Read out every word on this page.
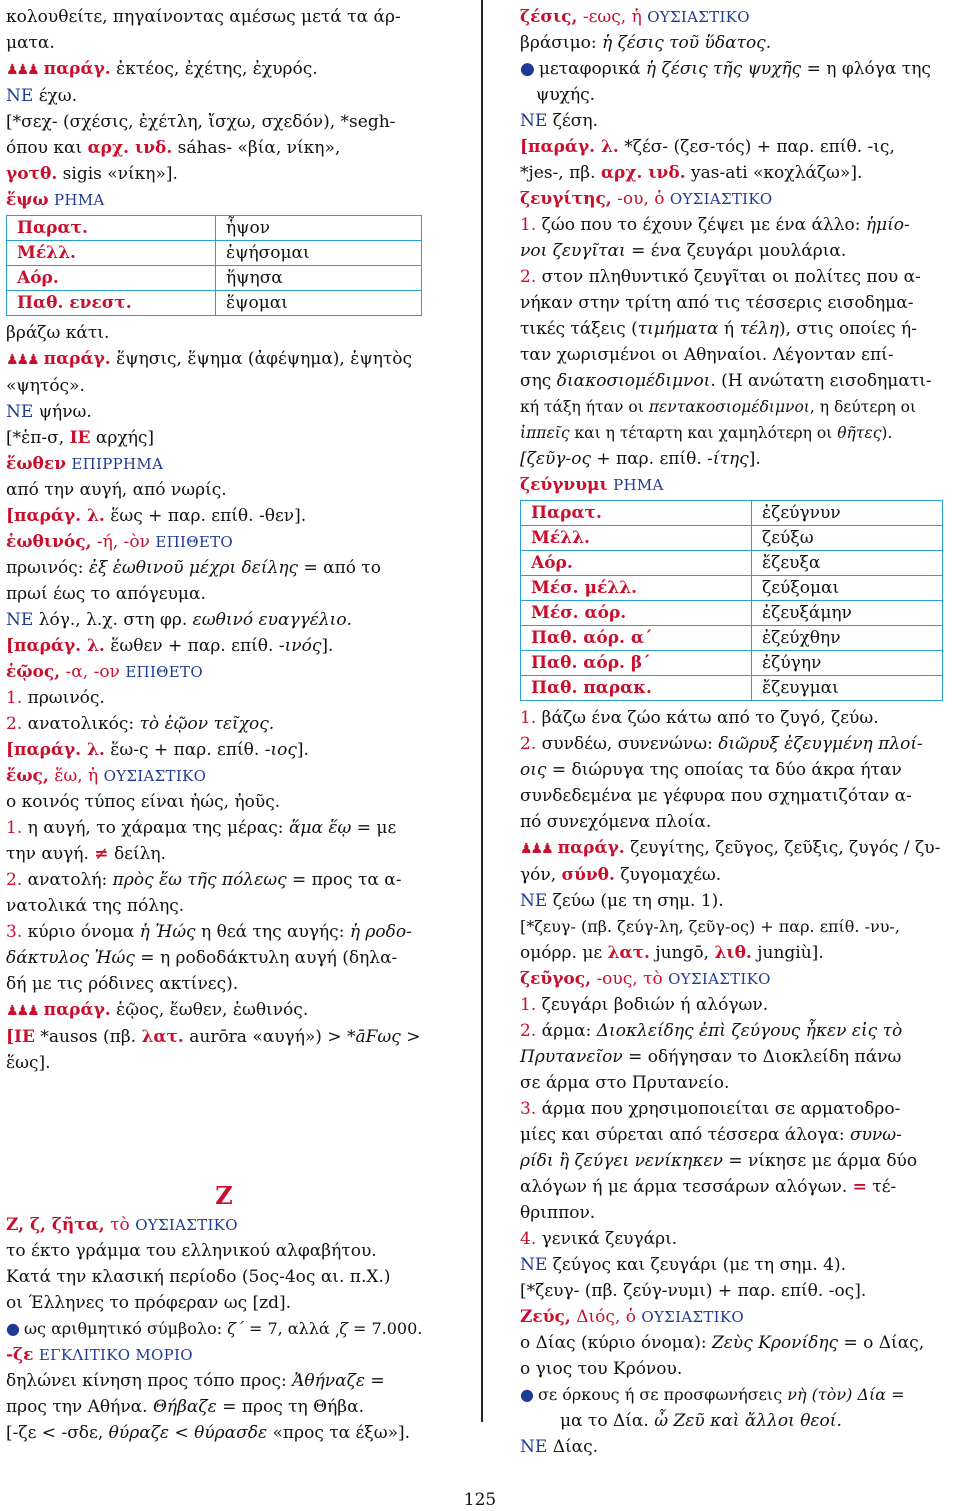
κολουθείτε, πηγαίνοντας αμέσως μετά τα άρ-

ματα.

♟♟♟ παράγ. ἐκτέος, ἐχέτης, ἐχυρός.

ΝΕ έχω.

[*σεχ- (σχέσις, ἐχέτλη, ἴσχω, σχεδόν), *segh-

όπου και αρχ. ινδ. sáhas- «βία, νίκη»,

γοτθ. sigis «νίκη»].

ἕψω ΡΗΜΑ

Παρατ.	ἧψον
Μέλλ.	ἑψήσομαι
Αόρ.	ἥψησα
Παθ. ενεστ.	ἕψομαι

βράζω κάτι.

♟♟♟ παράγ. ἕψησις, ἕψημα (ἀφέψημα), ἑψητὸς

«ψητός».

ΝΕ ψήνω.

[*ἑπ-σ, ΙΕ αρχής]

ἕωθεν ΕΠΙΡΡΗΜΑ

από την αυγή, από νωρίς.

[παράγ. λ. ἕως + παρ. επίθ. -θεν].

ἑωθινός, -ή, -ὸν ΕΠΙΘΕΤΟ

πρωινός: ἐξ ἑωθινοῦ μέχρι δείλης = από το

πρωί έως το απόγευμα.

ΝΕ λόγ., λ.χ. στη φρ. εωθινό ευαγγέλιο.

[παράγ. λ. ἕωθεν + παρ. επίθ. -ινός].

ἑῷος, -α, -ον ΕΠΙΘΕΤΟ

1. πρωινός.

2. ανατολικός: τὸ ἑῷον τεῖχος.

[παράγ. λ. ἕω-ς + παρ. επίθ. -ιος].

ἕως, ἕω, ἡ ΟΥΣΙΑΣΤΙΚΟ

ο κοινός τύπος είναι ἠώς, ἠοῦς.

1. η αυγή, το χάραμα της μέρας: ἅμα ἕῳ = με

την αυγή. ≠ δείλη.

2. ανατολή: πρὸς ἕω τῆς πόλεως = προς τα α-

νατολικά της πόλης.

3. κύριο όνομα ἡ Ἠώς η θεά της αυγής: ἡ ροδο-

δάκτυλος Ἠώς = η ροδοδάκτυλη αυγή (δηλα-

δή με τις ρόδινες ακτίνες).

♟♟♟ παράγ. ἑῷος, ἕωθεν, ἑωθινός.

[ΙΕ *ausos (πβ. λατ. aurōra «αυγή») > *āϜως >

ἕως].

Z

Z, ζ, ζῆτα, τὸ ΟΥΣΙΑΣΤΙΚΟ

το έκτο γράμμα του ελληνικού αλφαβήτου.

Κατά την κλασική περίοδο (5ος-4ος αι. π.Χ.)

οι Έλληνες το πρόφεραν ως [zd].

● ως αριθμητικό σύμβολο: ζ´ = 7, αλλά ͵ζ = 7.000.

-ζε ΕΓΚΛΙΤΙΚΟ ΜΟΡΙΟ

δηλώνει κίνηση προς τόπο προς: Ἀθήναζε =

προς την Αθήνα. Θήβαζε = προς τη Θήβα.

[-ζε < -σδε, θύραζε < θύρασδε «προς τα έξω»].

ζέσις, -εως, ἡ ΟΥΣΙΑΣΤΙΚΟ

βράσιμο: ἡ ζέσις τοῦ ὕδατος.

● μεταφορικά ἡ ζέσις τῆς ψυχῆς = η φλόγα της

ψυχής.

ΝΕ ζέση.

[παράγ. λ. *ζέσ- (ζεσ-τός) + παρ. επίθ. -ις,

*jes-, πβ. αρχ. ινδ. yas-ati «κοχλάζω»].

ζευγίτης, -ου, ὁ ΟΥΣΙΑΣΤΙΚΟ

1. ζώο που το έχουν ζέψει με ένα άλλο: ἡμίο-

νοι ζευγῖται = ένα ζευγάρι μουλάρια.

2. στον πληθυντικό ζευγῖται οι πολίτες που α-

νήκαν στην τρίτη από τις τέσσερις εισοδημα-

τικές τάξεις (τιμήματα ή τέλη), στις οποίες ή-

ταν χωρισμένοι οι Αθηναίοι. Λέγονταν επί-

σης διακοσιομέδιμνοι. (Η ανώτατη εισοδηματι-

κή τάξη ήταν οι πεντακοσιομέδιμνοι, η δεύτερη οι

ἱππεῖς και η τέταρτη και χαμηλότερη οι θῆτες).

[ζεῦγ-ος + παρ. επίθ. -ίτης].

ζεύγνυμι ΡΗΜΑ

Παρατ.	ἐζεύγνυν
Μέλλ.	ζεύξω
Αόρ.	ἔζευξα
Μέσ. μέλλ.	ζεύξομαι
Μέσ. αόρ.	ἐζευξάμην
Παθ. αόρ. α´	ἐζεύχθην
Παθ. αόρ. β´	ἐζύγην
Παθ. παρακ.	ἔζευγμαι

1. βάζω ένα ζώο κάτω από το ζυγό, ζεύω.

2. συνδέω, συνενώνω: διῶρυξ ἐζευγμένη πλοί-

οις = διώρυγα της οποίας τα δύο άκρα ήταν

συνδεδεμένα με γέφυρα που σχηματιζόταν α-

πό συνεχόμενα πλοία.

♟♟♟ παράγ. ζευγίτης, ζεῦγος, ζεῦξις, ζυγός / ζυ-

γόν, σύνθ. ζυγομαχέω.

ΝΕ ζεύω (με τη σημ. 1).

[*ζευγ- (πβ. ζεύγ-λη, ζεῦγ-ος) + παρ. επίθ. -νυ-,

ομόρρ. με λατ. jungō, λιθ. jungiù].

ζεῦγος, -ους, τὸ ΟΥΣΙΑΣΤΙΚΟ

1. ζευγάρι βοδιών ή αλόγων.

2. άρμα: Διοκλείδης ἐπὶ ζεύγους ἧκεν εἰς τὸ

Πρυτανεῖον = οδήγησαν το Διοκλείδη πάνω

σε άρμα στο Πρυτανείο.

3. άρμα που χρησιμοποιείται σε αρματοδρο-

μίες και σύρεται από τέσσερα άλογα: συνω-

ρίδι ἢ ζεύγει νενίκηκεν = νίκησε με άρμα δύο

αλόγων ή με άρμα τεσσάρων αλόγων. = τέ-

θριππον.

4. γενικά ζευγάρι.

ΝΕ ζεύγος και ζευγάρι (με τη σημ. 4).

[*ζευγ- (πβ. ζεύγ-νυμι) + παρ. επίθ. -ος].

Ζεύς, Διός, ὁ ΟΥΣΙΑΣΤΙΚΟ

ο Δίας (κύριο όνομα): Ζεὺς Κρονίδης = ο Δίας,

ο γιος του Κρόνου.

● σε όρκους ή σε προσφωνήσεις νὴ (τὸν) Δία =

μα το Δία. ὦ Ζεῦ καὶ ἄλλοι θεοί.

ΝΕ Δίας.

125
